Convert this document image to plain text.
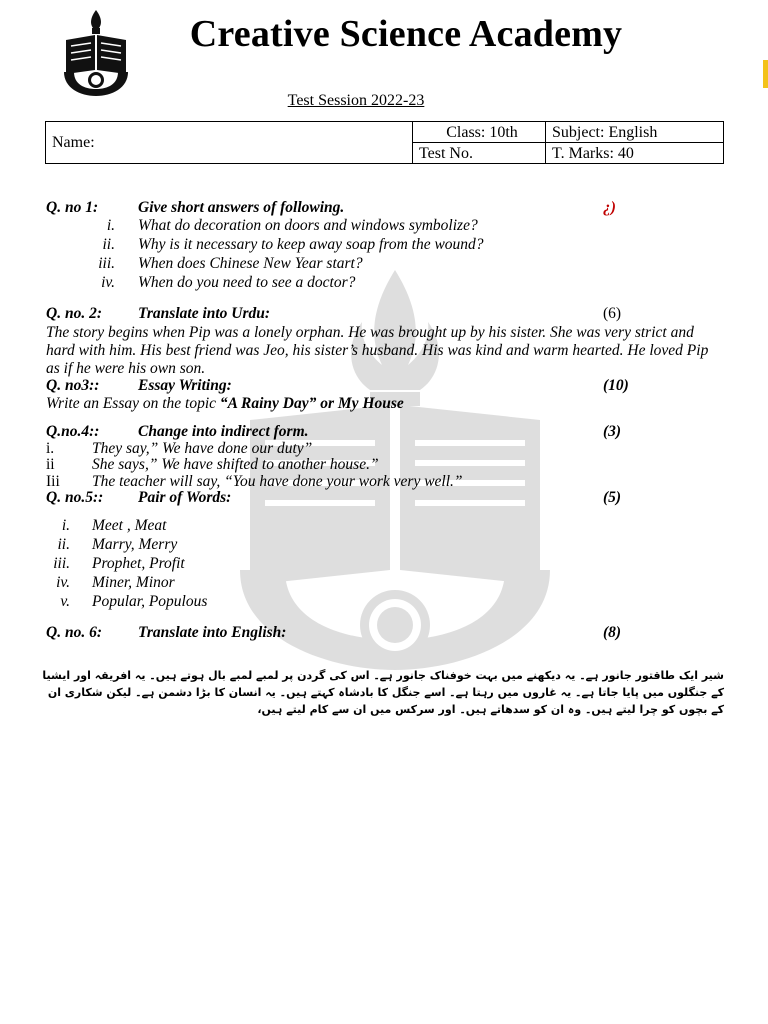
Creative Science Academy
Test Session 2022-23
Name:	Class: 10th	Subject: English
	Test No.	T. Marks: 40
Q. no 1:	Give short answers of following.	¿)
i. What do decoration on doors and windows symbolize?
ii. Why is it necessary to keep away soap from the wound?
iii. When does Chinese New Year start?
iv. When do you need to see a doctor?
Q. no. 2: Translate into Urdu:	(6)
The story begins when Pip was a lonely orphan. He was brought up by his sister. She was very strict and hard with him. His best friend was Jeo, his sister’s husband. His was kind and warm hearted. He loved Pip as if he were his own son.
Q. no3:: Essay Writing:	(10)
Write an Essay on the topic “A Rainy Day” or My House
Q.no.4:: Change into indirect form.	(3)
i. They say,” We have done our duty”
ii She says,” We have shifted to another house.”
Iii The teacher will say, “You have done your work very well.”
Q. no.5:: Pair of Words:	(5)
i. Meet , Meat
ii. Marry, Merry
iii. Prophet, Profit
iv. Miner, Minor
v. Popular, Populous
Q. no. 6: Translate into English:	(8)
شیر ایک طاقتور جانور ہے۔ یہ دیکھنے میں بہت خوفناک جانور ہے۔ اس کی گردن پر لمبے لمبے بال ہوتے ہیں۔ یہ افریقہ اور ایشیا
کے جنگلوں میں پایا جاتا ہے۔ یہ غاروں میں رہتا ہے۔ اسے جنگل کا بادشاہ کہتے ہیں۔ یہ انسان کا بڑا دشمن ہے۔ لیکن شکاری ان
کے بچوں کو چرا لیتے ہیں۔ وہ ان کو سدھاتے ہیں۔ اور سرکس میں ان سے کام لیتے ہیں،
